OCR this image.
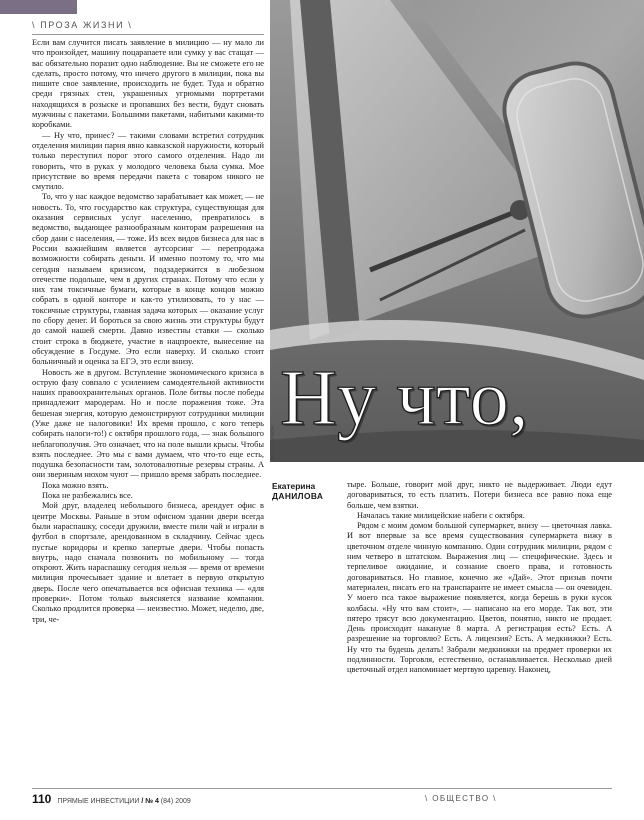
\ ПРОЗА ЖИЗНИ \

Если вам случится писать заявление в милицию — ну мало ли что произойдет, машину поцарапаете или сумку у вас стащат — вас обязательно поразит одно наблюдение. Вы не сможете его не сделать, просто потому, что ничего другого в милиции, пока вы пишите свое заявление, происходить не будет. Туда и обратно среди грязных стен, украшенных угрюмыми портретами находящихся в розыске и пропавших без вести, будут сновать мужчины с пакетами. Большими пакетами, набитыми какими-то коробками.

— Ну что, принес? — такими словами встретил сотрудник отделения милиции парня явно кавказской наружности, который только переступил порог этого самого отделения. Надо ли говорить, что в руках у молодого человека была сумка. Мое присутствие во время передачи пакета с товаром никого не смутило.

То, что у нас каждое ведомство зарабатывает как может, — не новость. То, что государство как структура, существующая для оказания сервисных услуг населению, превратилось в ведомство, выдающее разнообразным конторам разрешения на сбор дани с населения, — тоже. Из всех видов бизнеса для нас в России важнейшим является аутсорсинг — перепродажа возможности собирать деньги. И именно поэтому то, что мы сегодня называем кризисом, подзадержится в любезном отечестве подольше, чем в других странах. Потому что если у них там токсичные бумаги, которые в конце концов можно собрать в одной конторе и как-то утилизовать, то у нас — токсичные структуры, главная задача которых — оказание услуг по сбору денег. И бороться за свою жизнь эти структуры будут до самой нашей смерти. Давно известны ставки — сколько стоит строка в бюджете, участие в нацпроекте, вынесение на обсуждение в Госдуме. Это если наверху. И сколько стоит больничный и оценка за ЕГЭ, это если внизу.

Новость же в другом. Вступление экономического кризиса в острую фазу совпало с усилением самодеятельной активности наших правоохранительных органов. Поле битвы после победы принадлежит мародерам. Но и после поражения тоже. Эта бешеная энергия, которую демонстрируют сотрудники милиции (Уже даже не налоговики! Их время прошло, с кого теперь собирать налоги-то!) с октября прошлого года, — знак большого неблагополучия. Это означает, что на поле вышли крысы. Чтобы взять последнее. Это мы с вами думаем, что что-то еще есть, подушка безопасности там, золотовалютные резервы страны. А они звериным нюхом чуют — пришло время забрать последнее.

Пока можно взять.

Пока не разбежались все.

Мой друг, владелец небольшого бизнеса, арендует офис в центре Москвы. Раньше в этом офисном здании двери всегда были нараспашку, соседи дружили, вместе пили чай и играли в футбол в спортзале, арендованном в складчину. Сейчас здесь пустые коридоры и крепко запертые двери. Чтобы попасть внутрь, надо сначала позвонить по мобильному — тогда откроют. Жить нараспашку сегодня нельзя — время от времени милиция прочесывает здание и влетает в первую открытую дверь. После чего опечатывается вся офисная техника — «для проверки». Потом только выясняется название компании. Сколько продлится проверка — неизвестно. Может, неделю, две, три, че-

Ну что,
ФОТО: ЛЕГИОН
Екатерина
ДАНИЛОВА

тыре. Больше, говорит мой друг, никто не выдерживает. Люди едут договариваться, то есть платить. Потери бизнеса все равно пока еще больше, чем взятки.

Началась такие милицейские набеги с октября.

Рядом с моим домом большой супермаркет, внизу — цветочная лавка. И вот впервые за все время существования супермаркета вижу в цветочном отделе чинную компанию. Один сотрудник милиции, рядом с ним четверо в штатском. Выражения лиц — специфические. Здесь и терпеливое ожидание, и сознание своего права, и готовность договариваться. Но главное, конечно же «Дай». Этот призыв почти материален, писать его на транспаранте не имеет смысла — он очевиден. У моего пса такое выражение появляется, когда берешь в руки кусок колбасы. «Ну что вам стоит», — написано на его морде. Так вот, эти пятеро трясут всю документацию. Цветов, понятно, никто не продает. День происходит накануне 8 марта. А регистрация есть? Есть. А разрешение на торговлю? Есть. А лицензия? Есть. А медкнижки? Есть. Ну что ты будешь делать! Забрали медкнижки на предмет проверки их подлинности. Торговля, естественно, останавливается. Несколько дней цветочный отдел напоминает мертвую царевну. Наконец,

110 ПРЯМЫЕ ИНВЕСТИЦИИ / № 4 (84) 2009	\ ОБЩЕСТВО \
